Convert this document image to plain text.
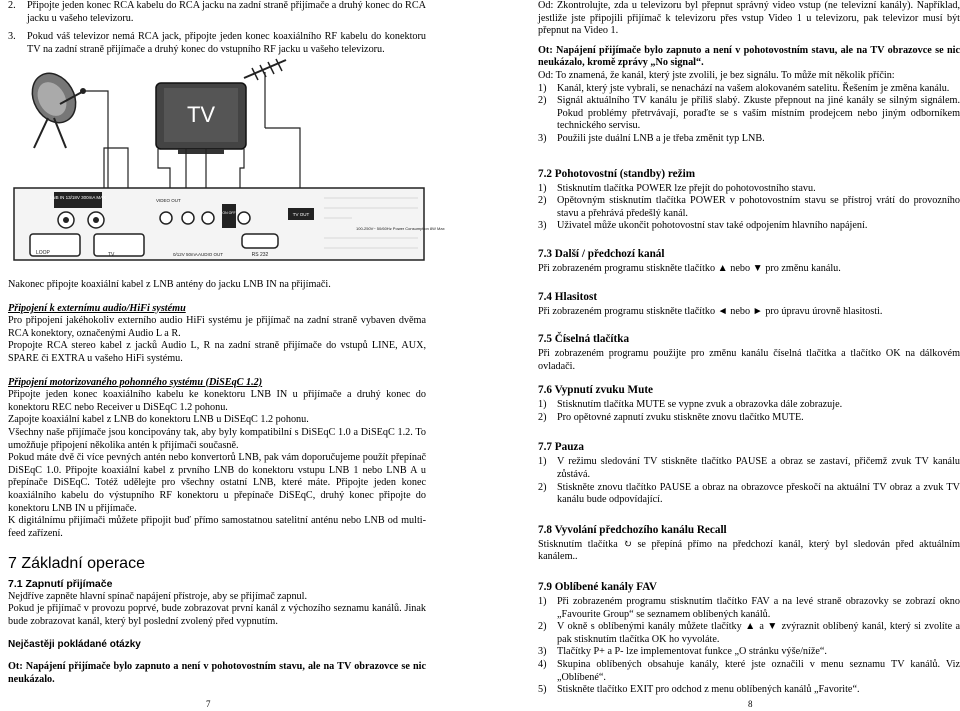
2. Připojte jeden konec RCA kabelu do RCA jacku na zadní straně přijímače a druhý konec do RCA jacku u vašeho televizoru.
3. Pokud váš televizor nemá RCA jack, připojte jeden konec koaxiálního RF kabelu do konektoru TV na zadní straně přijímače a druhý konec do vstupního RF jacku u vašeho televizoru.
TV
LNB IN 13/18V 300mA MAX
LOOP	TV
VIDEO OUT
0/12V 50mA AUDIO OUT
ON OFF
RS 232
TV OUT
100-250V~ 50/60Hz Power Consumption 8W Max

Nakonec připojte koaxiální kabel z LNB antény do jacku LNB IN na přijímači.

Připojení k externímu audio/HiFi systému

Pro připojení jakéhokoliv externího audio HiFi systému je přijímač na zadní straně vybaven dvěma RCA konektory, označenými Audio L a R.

Propojte RCA stereo kabel z jacků Audio L, R na zadní straně přijímače do vstupů LINE, AUX, SPARE či EXTRA u vašeho HiFi systému.

Připojení motorizovaného pohonného systému (DiSEqC 1.2)

Připojte jeden konec koaxiálního kabelu ke konektoru LNB IN u přijímače a druhý konec do konektoru REC nebo Receiver u DiSEqC 1.2 pohonu.

Zapojte koaxiální kabel z LNB do konektoru LNB u DiSEqC 1.2 pohonu.

Všechny naše přijímače jsou koncipovány tak, aby byly kompatibilní s DiSEqC 1.0 a DiSEqC 1.2. To umožňuje připojení několika antén k přijímači současně.

Pokud máte dvě či více pevných antén nebo konvertorů LNB, pak vám doporučujeme použít přepínač DiSEqC 1.0. Připojte koaxiální kabel z prvního LNB do konektoru vstupu LNB 1 nebo LNB A u přepínače DiSEqC. Totéž udělejte pro všechny ostatní LNB, které máte. Připojte jeden konec koaxiálního kabelu do výstupního RF konektoru u přepínače DiSEqC, druhý konec připojte do konektoru LNB IN u přijímače.

K digitálnímu přijímači můžete připojit buď přímo samostatnou satelitní anténu nebo LNB od multi-feed zařízení.

7 Základní operace

7.1 Zapnutí přijímače

Nejdříve zapněte hlavní spínač napájení přístroje, aby se přijímač zapnul.

Pokud je přijímač v provozu poprvé, bude zobrazovat první kanál z výchozího seznamu kanálů. Jinak bude zobrazovat kanál, který byl poslední zvolený před vypnutím.

Nejčastěji pokládané otázky

Ot: Napájení přijímače bylo zapnuto a není v pohotovostním stavu, ale na TV obrazovce se nic neukázalo.

7

Od: Zkontrolujte, zda u televizoru byl přepnut správný video vstup (ne televizní kanály). Například, jestliže jste připojili přijímač k televizoru přes vstup Video 1 u televizoru, pak televizor musí být přepnut na Video 1.

Ot: Napájení přijímače bylo zapnuto a není v pohotovostním stavu, ale na TV obrazovce se nic neukázalo, kromě zprávy „No signal“.

Od: To znamená, že kanál, který jste zvolili, je bez signálu. To může mít několik příčin:

1) Kanál, který jste vybrali, se nenachází na vašem alokovaném satelitu. Řešením je změna kanálu.
2) Signál aktuálního TV kanálu je příliš slabý. Zkuste přepnout na jiné kanály se silným signálem. Pokud problémy přetrvávají, poraďte se s vaším místním prodejcem nebo jiným odborníkem technického servisu.
3) Použili jste duální LNB a je třeba změnit typ LNB.

7.2 Pohotovostní (standby) režim

1) Stisknutím tlačítka POWER lze přejít do pohotovostního stavu.
2) Opětovným stisknutím tlačítka POWER v pohotovostním stavu se přístroj vrátí do provozního stavu a přehrává předešlý kanál.
3) Uživatel může ukončit pohotovostní stav také odpojením hlavního napájení.

7.3 Další / předchozí kanál

Při zobrazeném programu stiskněte tlačítko ▲ nebo ▼ pro změnu kanálu.

7.4 Hlasitost

Při zobrazeném programu stiskněte tlačítko ◄ nebo ► pro úpravu úrovně hlasitosti.

7.5 Číselná tlačítka

Při zobrazeném programu použijte pro změnu kanálu číselná tlačítka a tlačítko OK na dálkovém ovladači.

7.6 Vypnutí zvuku Mute

1) Stisknutím tlačítka MUTE se vypne zvuk a obrazovka dále zobrazuje.
2) Pro opětovné zapnutí zvuku stiskněte znovu tlačítko MUTE.

7.7 Pauza

1) V režimu sledování TV stiskněte tlačítko PAUSE a obraz se zastaví, přičemž zvuk TV kanálu zůstává.
2) Stiskněte znovu tlačítko PAUSE a obraz na obrazovce přeskočí na aktuální TV obraz a zvuk TV kanálu bude odpovídající.

7.8 Vyvolání předchozího kanálu Recall

Stisknutím tlačítka ↻ se přepíná přímo na předchozí kanál, který byl sledován před aktuálním kanálem..

7.9 Oblíbené kanály FAV

1) Při zobrazeném programu stisknutím tlačítko FAV a na levé straně obrazovky se zobrazí okno „Favourite Group“ se seznamem oblíbených kanálů.
2) V okně s oblíbenými kanály můžete tlačítky ▲ a ▼ zvýraznit oblíbený kanál, který si zvolíte a pak stisknutím tlačítka OK ho vyvoláte.
3) Tlačítky P+ a P- lze implementovat funkce „O stránku výše/níže“.
4) Skupina oblíbených obsahuje kanály, které jste označili v menu seznamu TV kanálů. Viz „Oblíbené“.
5) Stiskněte tlačítko EXIT pro odchod z menu oblíbených kanálů „Favorite“.
8
